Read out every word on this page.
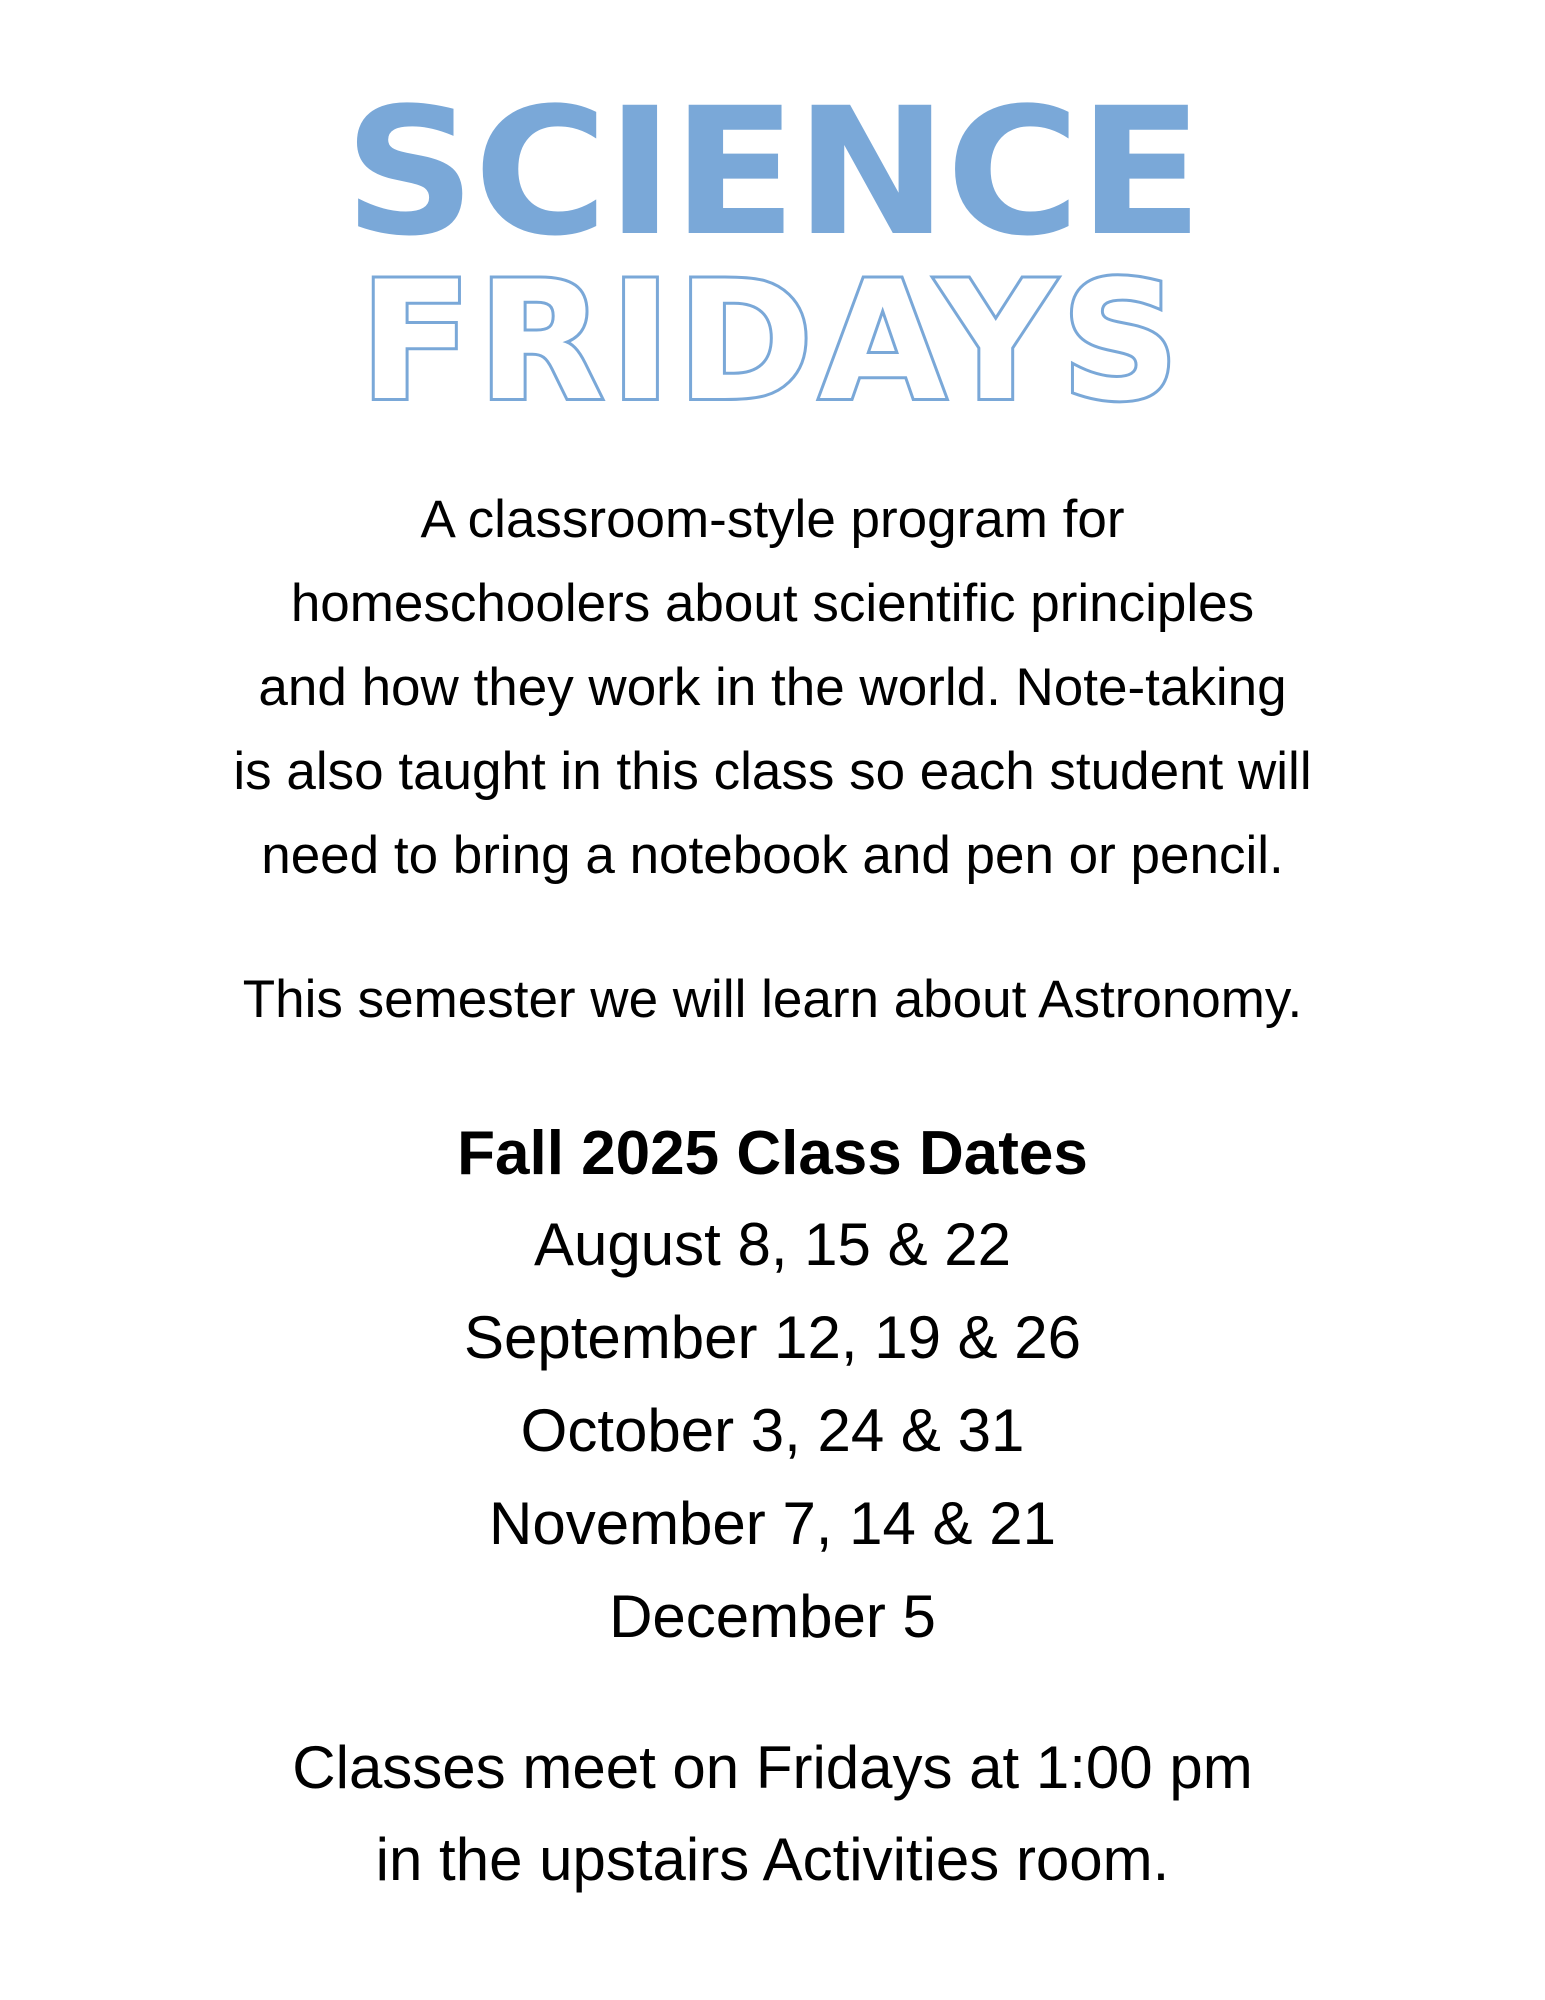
SCIENCE
FRIDAYS
A classroom-style program for
homeschoolers about scientific principles
and how they work in the world. Note-taking
is also taught in this class so each student will
need to bring a notebook and pen or pencil.
This semester we will learn about Astronomy.
Fall 2025 Class Dates
August 8, 15 & 22
September 12, 19 & 26
October 3, 24 & 31
November 7, 14 & 21
December 5
Classes meet on Fridays at 1:00 pm
in the upstairs Activities room.
